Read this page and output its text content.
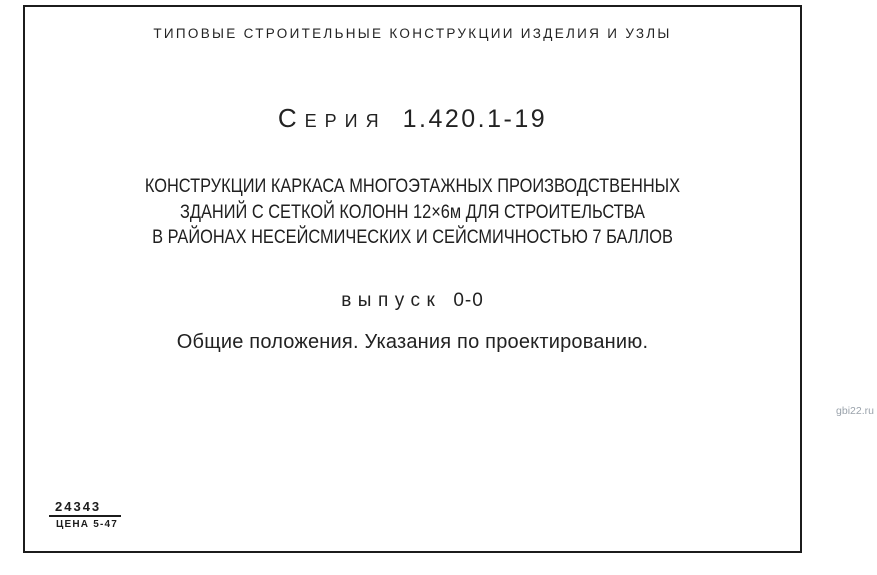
ТИПОВЫЕ СТРОИТЕЛЬНЫЕ КОНСТРУКЦИИ ИЗДЕЛИЯ И УЗЛЫ
Серия 1.420.1-19
КОНСТРУКЦИИ КАРКАСА МНОГОЭТАЖНЫХ ПРОИЗВОДСТВЕННЫХ
ЗДАНИЙ С СЕТКОЙ КОЛОНН 12×6м ДЛЯ СТРОИТЕЛЬСТВА
В РАЙОНАХ НЕСЕЙСМИЧЕСКИХ И СЕЙСМИЧНОСТЬЮ 7 БАЛЛОВ
выпуск 0-0
Общие положения. Указания по проектированию.
24343
ЦЕНА 5-47
gbi22.ru
